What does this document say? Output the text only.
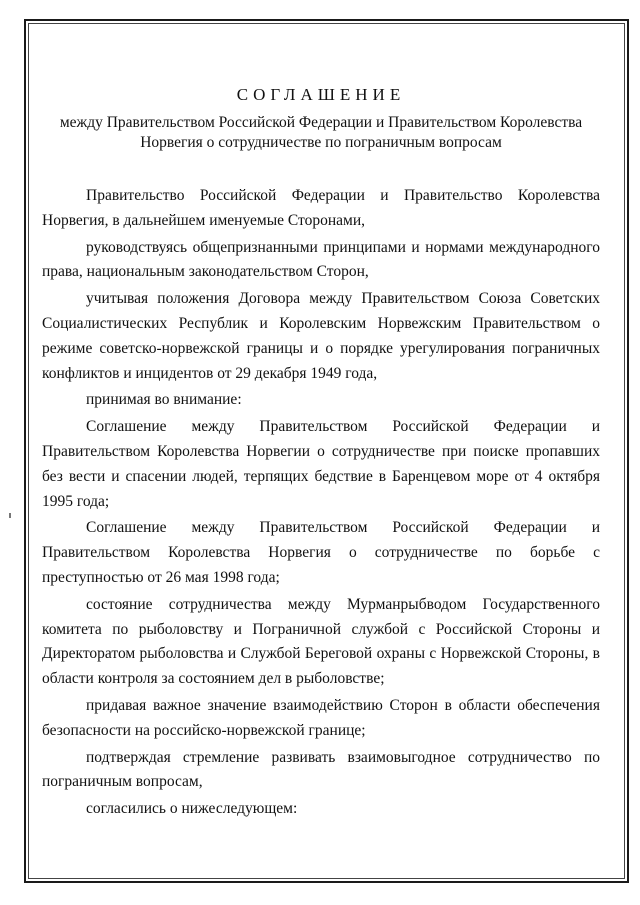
СОГЛАШЕНИЕ
между Правительством Российской Федерации и Правительством Королевства
Норвегия о сотрудничестве по пограничным вопросам

Правительство Российской Федерации и Правительство Королевства Норвегия, в дальнейшем именуемые Сторонами,

руководствуясь общепризнанными принципами и нормами международного права, национальным законодательством Сторон,

учитывая положения Договора между Правительством Союза Советских Социалистических Республик и Королевским Норвежским Правительством о режиме советско-норвежской границы и о порядке урегулирования пограничных конфликтов и инцидентов от 29 декабря 1949 года,

принимая во внимание:

Соглашение между Правительством Российской Федерации и Правительством Королевства Норвегии о сотрудничестве при поиске пропавших без вести и спасении людей, терпящих бедствие в Баренцевом море от 4 октября 1995 года;

Соглашение между Правительством Российской Федерации и Правительством Королевства Норвегия о сотрудничестве по борьбе с преступностью от 26 мая 1998 года;

состояние сотрудничества между Мурманрыбводом Государственного комитета по рыболовству и Пограничной службой с Российской Стороны и Директоратом рыболовства и Службой Береговой охраны с Норвежской Стороны, в области контроля за состоянием дел в рыболовстве;

придавая важное значение взаимодействию Сторон в области обеспечения безопасности на российско-норвежской границе;

подтверждая стремление развивать взаимовыгодное сотрудничество по пограничным вопросам,

согласились о нижеследующем:
